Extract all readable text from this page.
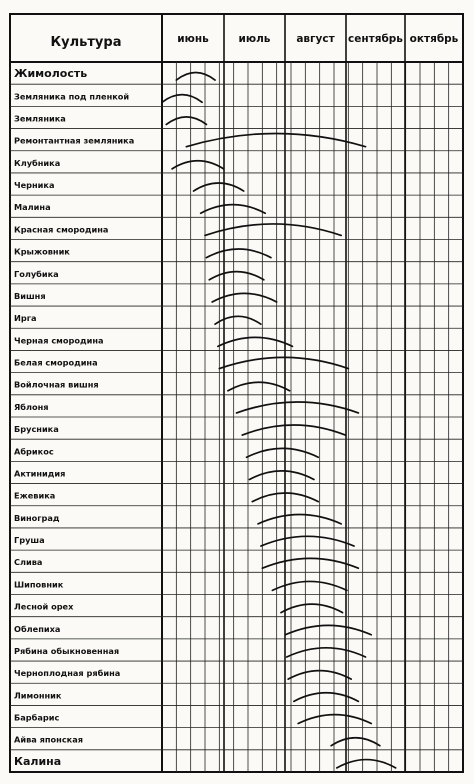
Культура	июнь	июль август сентябрь октябрь
Жимолость
Земляника под пленкой
Земляника
Ремонтантная земляника
Клубника
Черника
Малина
Красная смородина
Крыжовник
Голубика
Вишня
Ирга
Черная смородина
Белая смородина
Войлочная вишня
Яблоня
Брусника
Абрикос
Актинидия
Ежевика
Виноград
Груша
Слива
Шиповник
Лесной орех
Облепиха
Рябина обыкновенная
Черноплодная рябина
Лимонник
Барбарис
Айва японская
Калина
